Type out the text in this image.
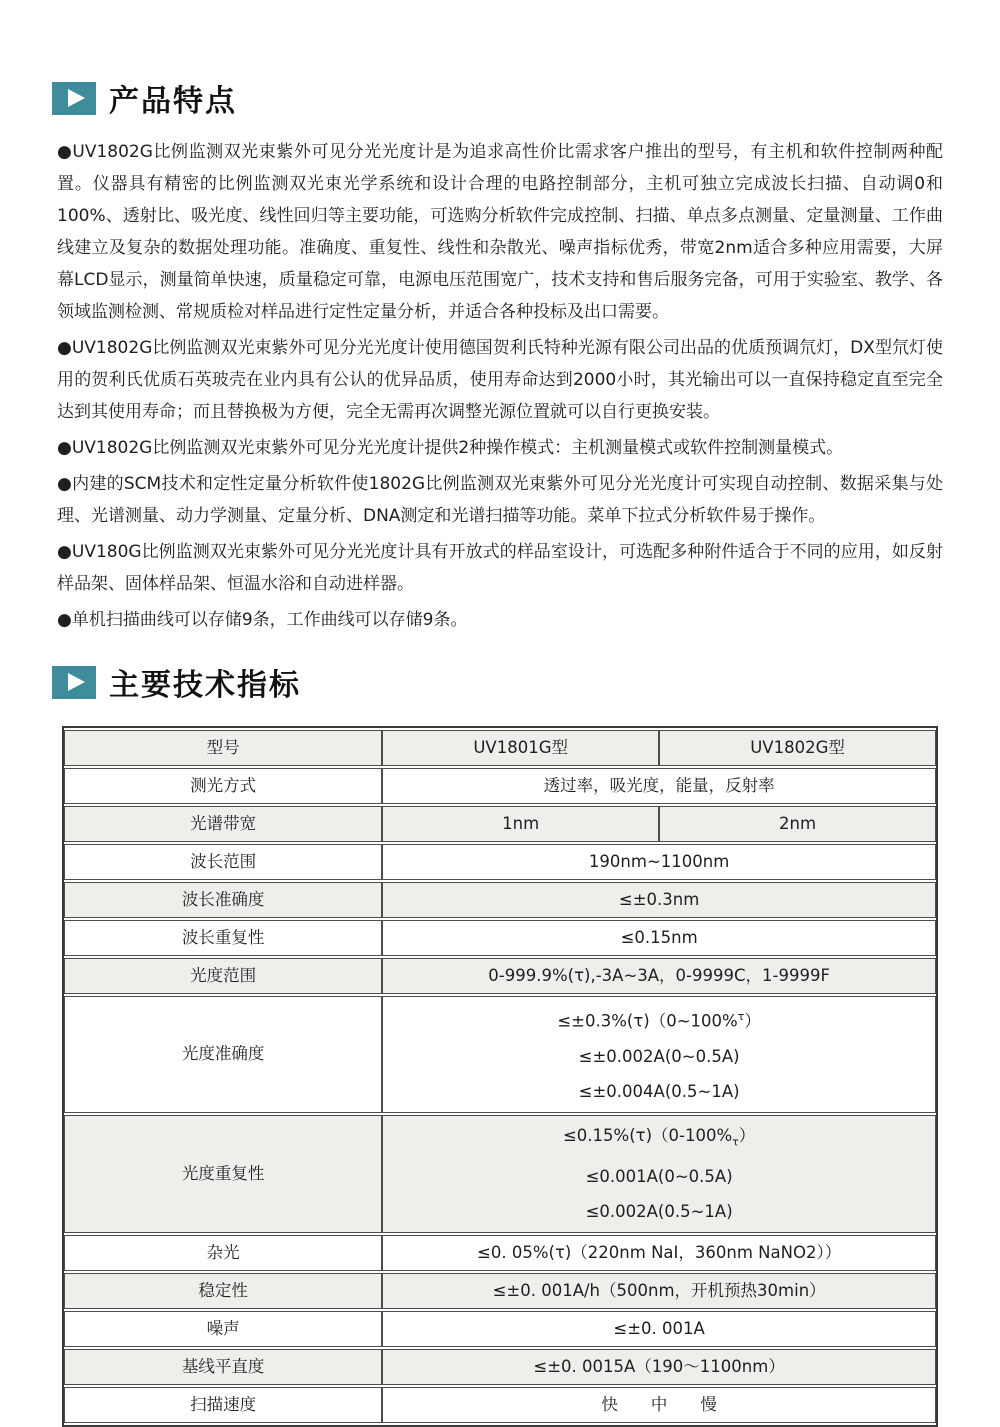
产品特点

●UV1802G比例监测双光束紫外可见分光光度计是为追求高性价比需求客户推出的型号，有主机和软件控制两种配置。仪器具有精密的比例监测双光束光学系统和设计合理的电路控制部分，主机可独立完成波长扫描、自动调0和100%、透射比、吸光度、线性回归等主要功能，可选购分析软件完成控制、扫描、单点多点测量、定量测量、工作曲线建立及复杂的数据处理功能。准确度、重复性、线性和杂散光、噪声指标优秀，带宽2nm适合多种应用需要，大屏幕LCD显示，测量简单快速，质量稳定可靠，电源电压范围宽广，技术支持和售后服务完备，可用于实验室、教学、各领域监测检测、常规质检对样品进行定性定量分析，并适合各种投标及出口需要。

●UV1802G比例监测双光束紫外可见分光光度计使用德国贺利氏特种光源有限公司出品的优质预调氘灯，DX型氘灯使用的贺利氏优质石英玻壳在业内具有公认的优异品质，使用寿命达到2000小时，其光输出可以一直保持稳定直至完全达到其使用寿命；而且替换极为方便，完全无需再次调整光源位置就可以自行更换安装。

●UV1802G比例监测双光束紫外可见分光光度计提供2种操作模式：主机测量模式或软件控制测量模式。

●内建的SCM技术和定性定量分析软件使1802G比例监测双光束紫外可见分光光度计可实现自动控制、数据采集与处理、光谱测量、动力学测量、定量分析、DNA测定和光谱扫描等功能。菜单下拉式分析软件易于操作。

●UV180G比例监测双光束紫外可见分光光度计具有开放式的样品室设计，可选配多种附件适合于不同的应用，如反射样品架、固体样品架、恒温水浴和自动进样器。

●单机扫描曲线可以存储9条，工作曲线可以存储9条。

主要技术指标
型号	UV1801G型	UV1802G型
测光方式	透过率，吸光度，能量，反射率	

光谱带宽	1nm	2nm
波长范围	190nm~1100nm	

波长准确度	≤±0.3nm	

波长重复性	≤0.15nm	

光度范围	0-999.9%(τ),-3A~3A，0-9999C，1-9999F	

光度准确度	≤±0.3%(τ)（0~100%$^\tau$）
≤±0.002A(0~0.5A)
≤±0.004A(0.5~1A)	

光度重复性	$\le 0.15\%(\tau)(0-100\%_\tau)$
≤0.001A(0~0.5A)
≤0.002A(0.5~1A)	

杂光	≤0. 05%(τ)（220nm NaI，360nm NaNO2））	

稳定性	≤±0. 001A/h（500nm，开机预热30min）	

噪声	≤±0. 001A	

基线平直度	≤±0. 0015A（190～1100nm）	

扫描速度	快　　中　　慢	
